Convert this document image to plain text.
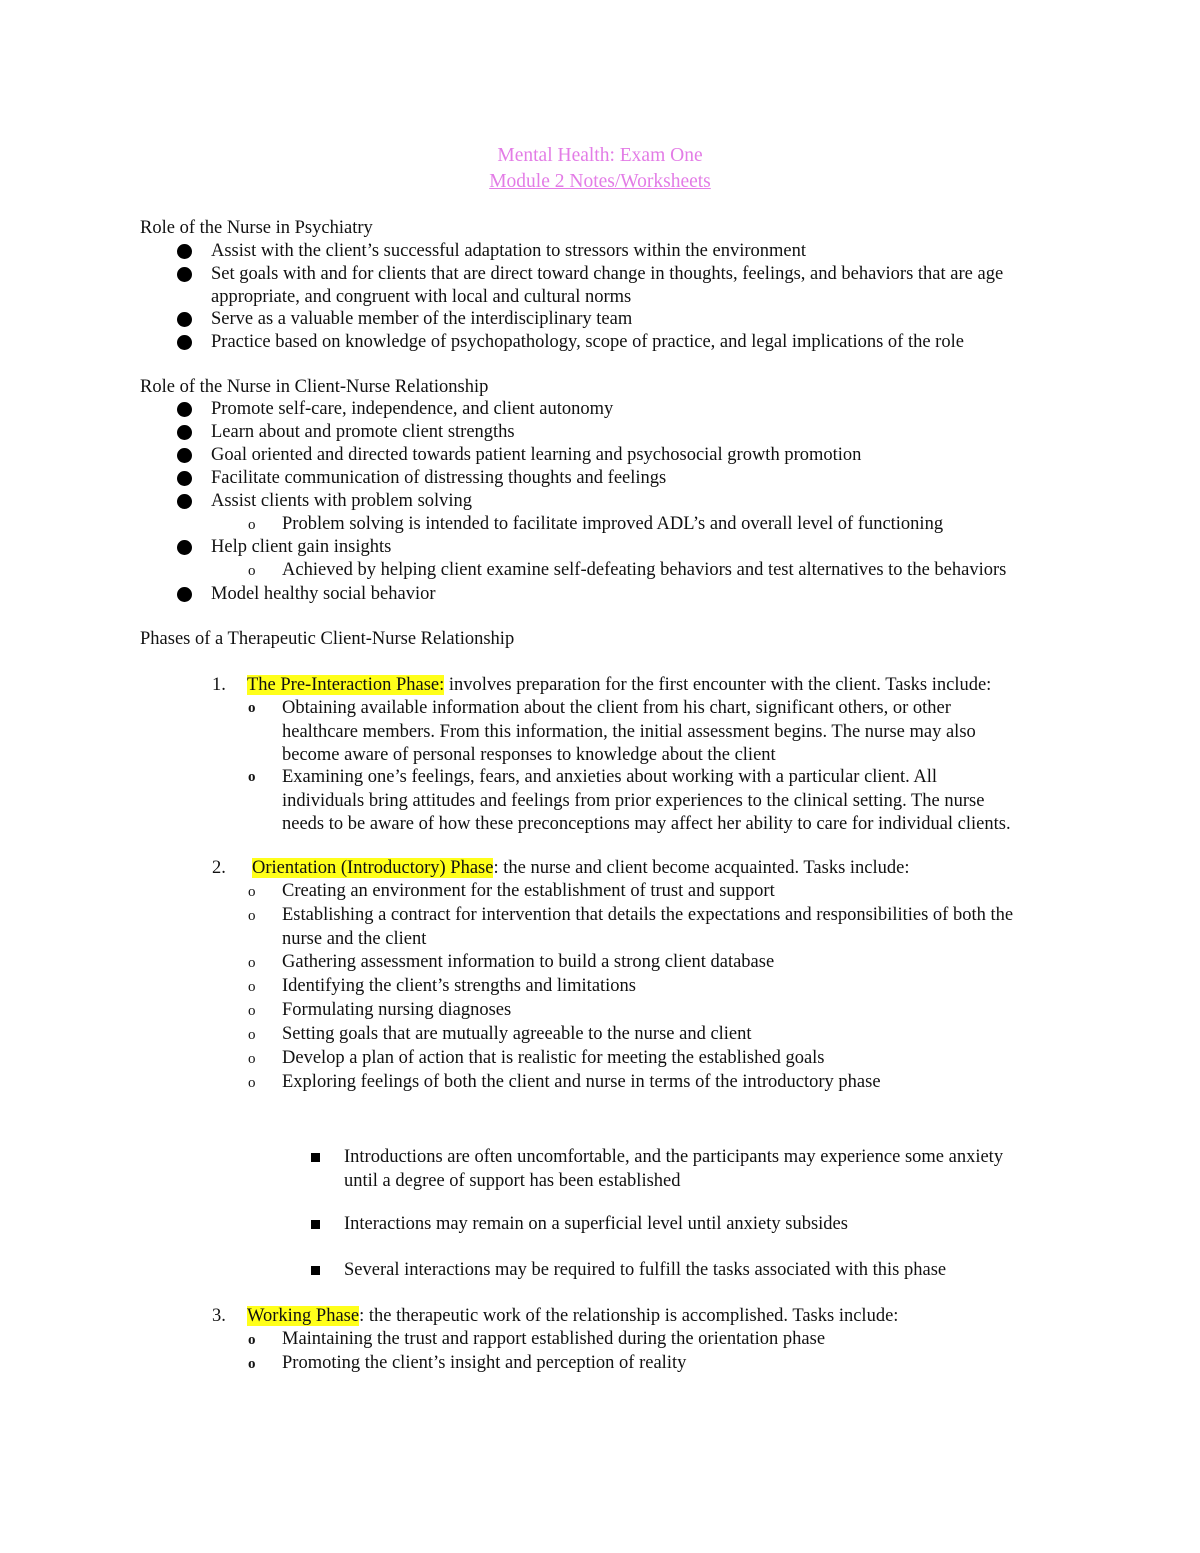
Mental Health: Exam One
Module 2 Notes/Worksheets
Role of the Nurse in Psychiatry
Assist with the client’s successful adaptation to stressors within the environment
Set goals with and for clients that are direct toward change in thoughts, feelings, and behaviors that are age
appropriate, and congruent with local and cultural norms
Serve as a valuable member of the interdisciplinary team
Practice based on knowledge of psychopathology, scope of practice, and legal implications of the role
Role of the Nurse in Client-Nurse Relationship
Promote self-care, independence, and client autonomy
Learn about and promote client strengths
Goal oriented and directed towards patient learning and psychosocial growth promotion
Facilitate communication of distressing thoughts and feelings
Assist clients with problem solving
o Problem solving is intended to facilitate improved ADL’s and overall level of functioning
Help client gain insights
o Achieved by helping client examine self-defeating behaviors and test alternatives to the behaviors
Model healthy social behavior
Phases of a Therapeutic Client-Nurse Relationship
1. The Pre-Interaction Phase: involves preparation for the first encounter with the client. Tasks include:
o Obtaining available information about the client from his chart, significant others, or other
healthcare members. From this information, the initial assessment begins. The nurse may also
become aware of personal responses to knowledge about the client
o Examining one’s feelings, fears, and anxieties about working with a particular client. All
individuals bring attitudes and feelings from prior experiences to the clinical setting. The nurse
needs to be aware of how these preconceptions may affect her ability to care for individual clients.
2. Orientation (Introductory) Phase: the nurse and client become acquainted. Tasks include:
o Creating an environment for the establishment of trust and support
o Establishing a contract for intervention that details the expectations and responsibilities of both the
nurse and the client
o Gathering assessment information to build a strong client database
o Identifying the client’s strengths and limitations
o Formulating nursing diagnoses
o Setting goals that are mutually agreeable to the nurse and client
o Develop a plan of action that is realistic for meeting the established goals
o Exploring feelings of both the client and nurse in terms of the introductory phase
Introductions are often uncomfortable, and the participants may experience some anxiety
until a degree of support has been established
Interactions may remain on a superficial level until anxiety subsides
Several interactions may be required to fulfill the tasks associated with this phase
3. Working Phase: the therapeutic work of the relationship is accomplished. Tasks include:
o Maintaining the trust and rapport established during the orientation phase
o Promoting the client’s insight and perception of reality
